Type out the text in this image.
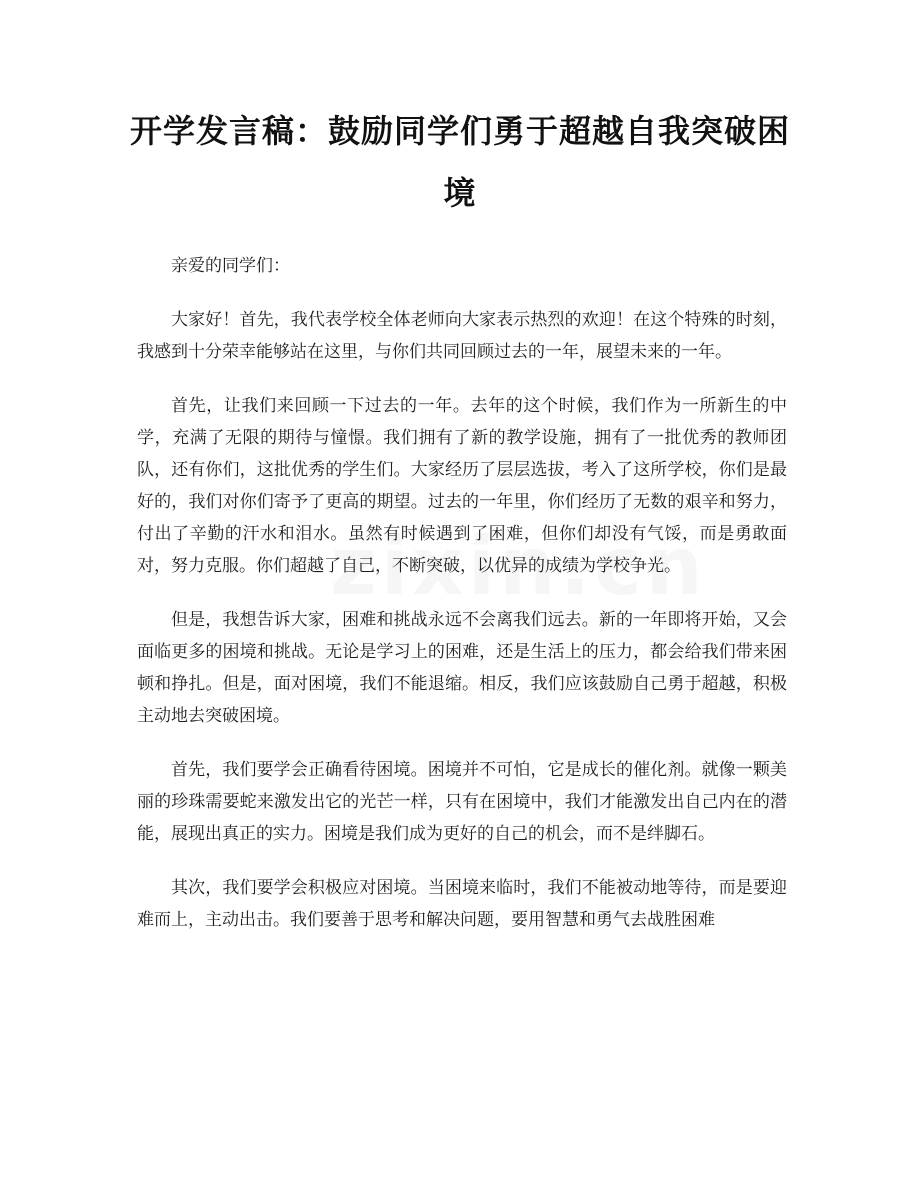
开学发言稿：鼓励同学们勇于超越自我突破困境

亲爱的同学们：

大家好！首先，我代表学校全体老师向大家表示热烈的欢迎！在这个特殊的时刻，我感到十分荣幸能够站在这里，与你们共同回顾过去的一年，展望未来的一年。

首先，让我们来回顾一下过去的一年。去年的这个时候，我们作为一所新生的中学，充满了无限的期待与憧憬。我们拥有了新的教学设施，拥有了一批优秀的教师团队，还有你们，这批优秀的学生们。大家经历了层层选拔，考入了这所学校，你们是最好的，我们对你们寄予了更高的期望。过去的一年里，你们经历了无数的艰辛和努力，付出了辛勤的汗水和泪水。虽然有时候遇到了困难，但你们却没有气馁，而是勇敢面对，努力克服。你们超越了自己，不断突破，以优异的成绩为学校争光。

但是，我想告诉大家，困难和挑战永远不会离我们远去。新的一年即将开始，又会面临更多的困境和挑战。无论是学习上的困难，还是生活上的压力，都会给我们带来困顿和挣扎。但是，面对困境，我们不能退缩。相反，我们应该鼓励自己勇于超越，积极主动地去突破困境。

首先，我们要学会正确看待困境。困境并不可怕，它是成长的催化剂。就像一颗美丽的珍珠需要蛇来激发出它的光芒一样，只有在困境中，我们才能激发出自己内在的潜能，展现出真正的实力。困境是我们成为更好的自己的机会，而不是绊脚石。

其次，我们要学会积极应对困境。当困境来临时，我们不能被动地等待，而是要迎难而上，主动出击。我们要善于思考和解决问题，要用智慧和勇气去战胜困难
